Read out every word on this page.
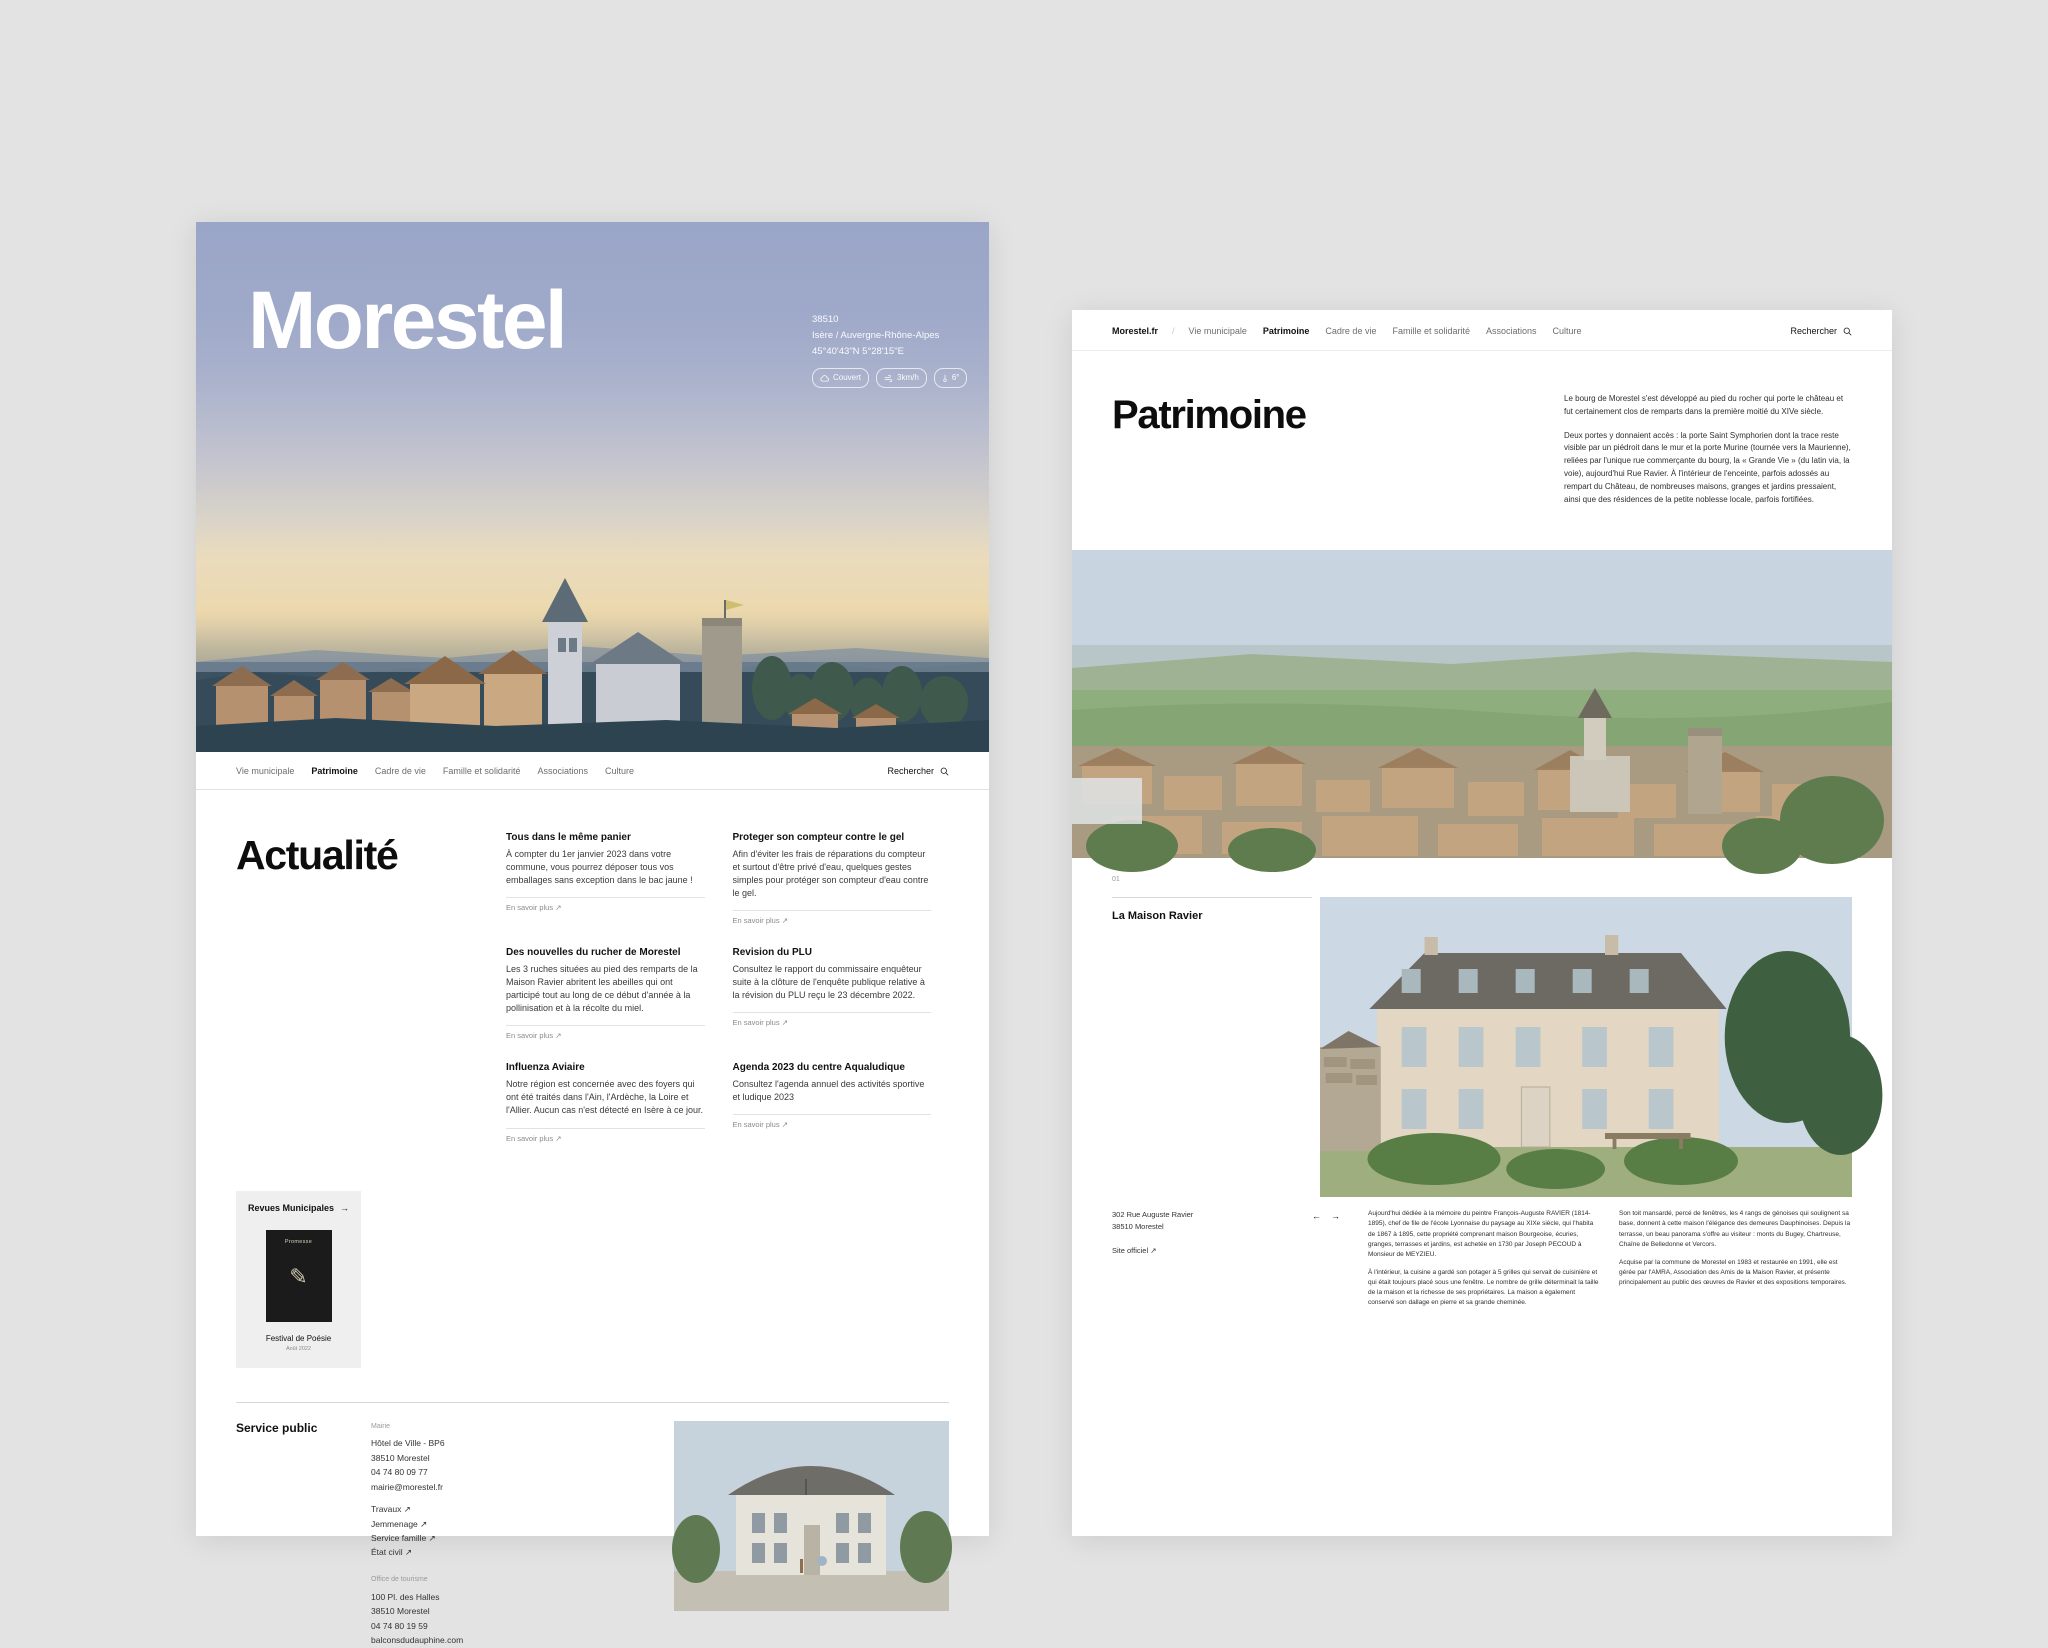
Morestel	38510
Isère / Auvergne-Rhône-Alpes
45°40'43"N 5°28'15"E
Couvert	3km/h	6°
Vie municipale Patrimoine Cadre de vie Famille et solidarité Associations Culture	Rechercher
Actualité	Tous dans le même panier

À compter du 1er janvier 2023 dans votre commune, vous pourrez déposer tous vos emballages sans exception dans le bac jaune !

En savoir plus ↗
Proteger son compteur contre le gel

Afin d'éviter les frais de réparations du compteur et surtout d'être privé d'eau, quelques gestes simples pour protéger son compteur d'eau contre le gel.

En savoir plus ↗
Des nouvelles du rucher de Morestel

Les 3 ruches situées au pied des remparts de la Maison Ravier abritent les abeilles qui ont participé tout au long de ce début d'année à la pollinisation et à la récolte du miel.

En savoir plus ↗
Revision du PLU

Consultez le rapport du commissaire enquêteur suite à la clôture de l'enquête publique relative à la révision du PLU reçu le 23 décembre 2022.

En savoir plus ↗
Influenza Aviaire

Notre région est concernée avec des foyers qui ont été traités dans l'Ain, l'Ardèche, la Loire et l'Allier. Aucun cas n'est détecté en Isère à ce jour.

En savoir plus ↗
Agenda 2023 du centre Aqualudique

Consultez l'agenda annuel des activités sportive et ludique 2023

En savoir plus ↗
Revues Municipales →
Promesse
✎
Festival de Poésie
Août 2022
Service public	Mairie
Hôtel de Ville - BP6
38510 Morestel
04 74 80 09 77
mairie@morestel.fr
Travaux ↗
Jemmenage ↗
Service famille ↗
État civil ↗
Office de tourisme
100 Pl. des Halles
38510 Morestel
04 74 80 19 59
balconsdudauphine.com
Morestel.fr / Vie municipale Patrimoine Cadre de vie Famille et solidarité Associations Culture	Rechercher
Patrimoine	Le bourg de Morestel s'est développé au pied du rocher qui porte le château et fut certainement clos de remparts dans la première moitié du XIVe siècle.

Deux portes y donnaient accès : la porte Saint Symphorien dont la trace reste visible par un piédroit dans le mur et la porte Murine (tournée vers la Maurienne), reliées par l'unique rue commerçante du bourg, la « Grande Vie » (du latin via, la voie), aujourd'hui Rue Ravier. À l'intérieur de l'enceinte, parfois adossés au rempart du Château, de nombreuses maisons, granges et jardins pressaient, ainsi que des résidences de la petite noblesse locale, parfois fortifiées.

01
La Maison Ravier
302 Rue Auguste Ravier
38510 Morestel
Site officiel ↗
← →	Aujourd'hui dédiée à la mémoire du peintre François-Auguste RAVIER (1814-1895), chef de file de l'école Lyonnaise du paysage au XIXe siècle, qui l'habita de 1867 à 1895, cette propriété comprenant maison Bourgeoise, écuries, granges, terrasses et jardins, est achetée en 1730 par Joseph PECOUD à Monsieur de MEYZIEU.

À l'intérieur, la cuisine a gardé son potager à 5 grilles qui servait de cuisinière et qui était toujours placé sous une fenêtre. Le nombre de grille déterminait la taille de la maison et la richesse de ses propriétaires. La maison a également conservé son dallage en pierre et sa grande cheminée.

Son toit mansardé, percé de fenêtres, les 4 rangs de génoises qui soulignent sa base, donnent à cette maison l'élégance des demeures Dauphinoises. Depuis la terrasse, un beau panorama s'offre au visiteur : monts du Bugey, Chartreuse, Chaîne de Belledonne et Vercors.

Acquise par la commune de Morestel en 1983 et restaurée en 1991, elle est gérée par l'AMRA, Association des Amis de la Maison Ravier, et présente principalement au public des œuvres de Ravier et des expositions temporaires.
